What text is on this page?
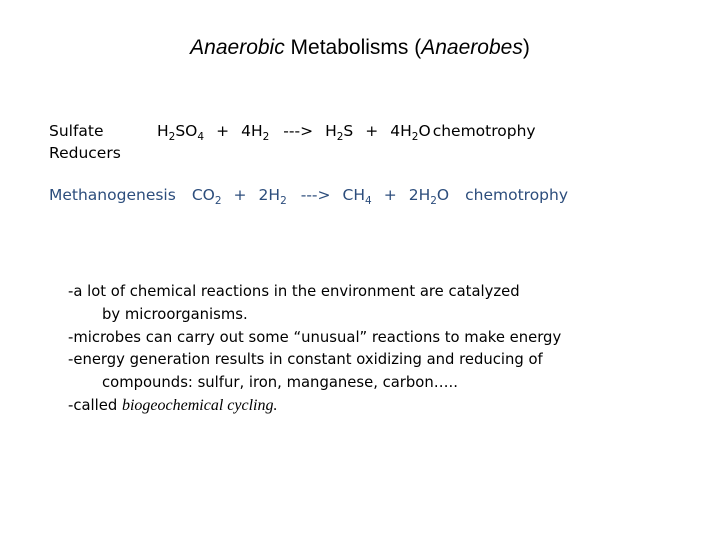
Anaerobic Metabolisms (Anaerobes)
Sulfate
Reducers
$H_2SO_4 + 4H_2$ ---> $H_2S + 4H_2O$ chemotrophy
Methanogenesis $CO_2 + 2H_2$ ---> $CH_4 + 2H_2O$ chemotrophy
-a lot of chemical reactions in the environment are catalyzed
by microorganisms.
-microbes can carry out some “unusual” reactions to make energy
-energy generation results in constant oxidizing and reducing of
compounds: sulfur, iron, manganese, carbon…..
-called biogeochemical cycling.
